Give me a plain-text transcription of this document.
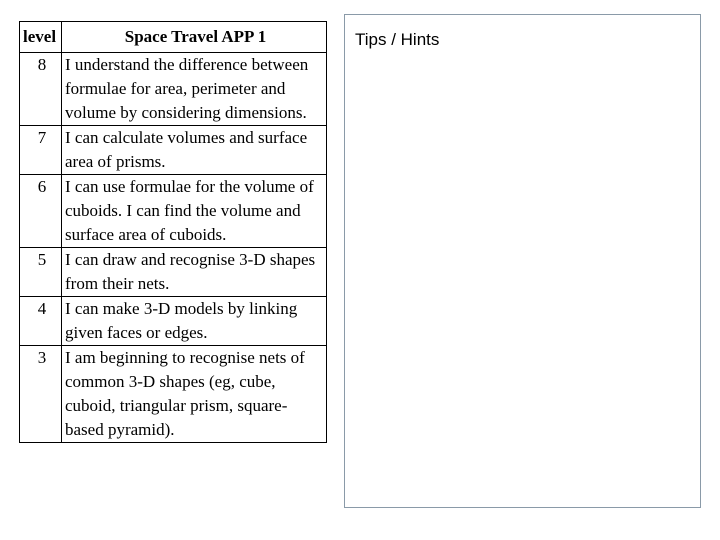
level	Space Travel APP 1
8	I understand the difference between formulae for area, perimeter and volume by considering dimensions.
7	I can calculate volumes and surface area of prisms.
6	I can use formulae for the volume of cuboids. I can find the volume and surface area of cuboids.
5	I can draw and recognise 3-D shapes from their nets.
4	I can make 3-D models by linking given faces or edges.
3	I am beginning to recognise nets of common 3-D shapes (eg, cube, cuboid, triangular prism, square-based pyramid).
Tips / Hints
